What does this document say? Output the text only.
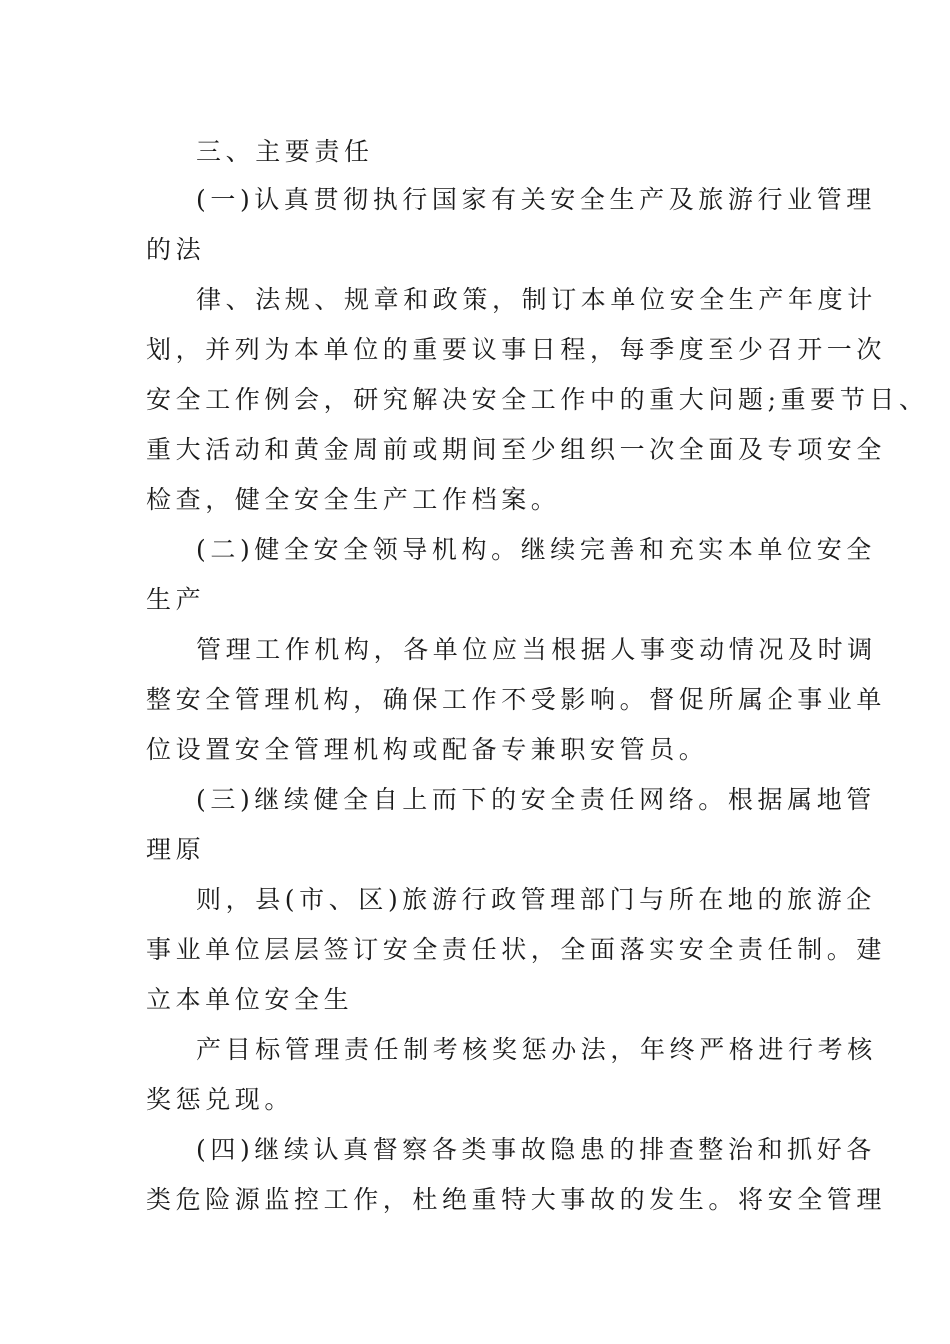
三、主要责任
(一)认真贯彻执行国家有关安全生产及旅游行业管理
的法
律、法规、规章和政策，制订本单位安全生产年度计
划，并列为本单位的重要议事日程，每季度至少召开一次
安全工作例会，研究解决安全工作中的重大问题;重要节日、
重大活动和黄金周前或期间至少组织一次全面及专项安全
检查，健全安全生产工作档案。
(二)健全安全领导机构。继续完善和充实本单位安全
生产
管理工作机构，各单位应当根据人事变动情况及时调
整安全管理机构，确保工作不受影响。督促所属企事业单
位设置安全管理机构或配备专兼职安管员。
(三)继续健全自上而下的安全责任网络。根据属地管
理原
则，县(市、区)旅游行政管理部门与所在地的旅游企
事业单位层层签订安全责任状，全面落实安全责任制。建
立本单位安全生
产目标管理责任制考核奖惩办法，年终严格进行考核
奖惩兑现。
(四)继续认真督察各类事故隐患的排查整治和抓好各
类危险源监控工作，杜绝重特大事故的发生。将安全管理
